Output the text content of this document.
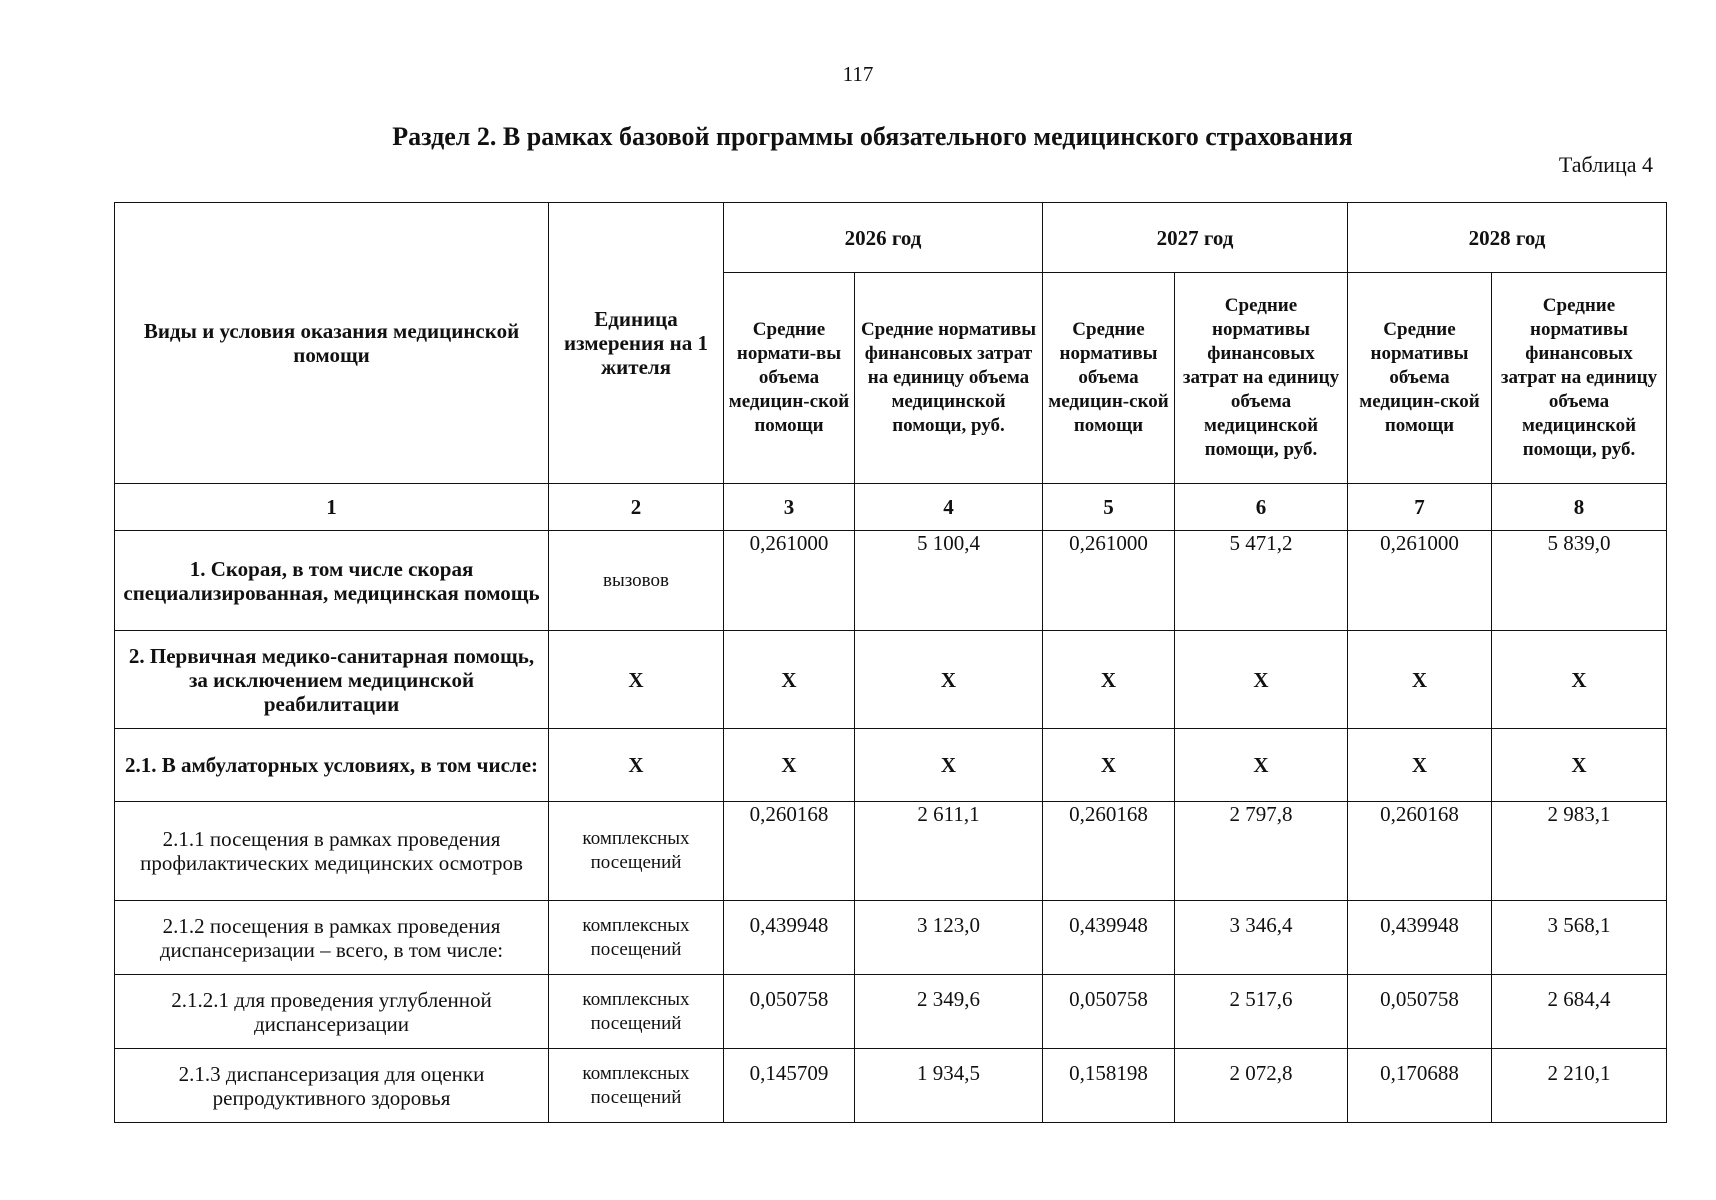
117
Раздел 2. В рамках базовой программы обязательного медицинского страхования
Таблица 4
Виды и условия оказания медицинской помощи	Единица измерения на 1 жителя	2026 год		2027 год		2028 год	
		Средние нормати-вы объема медицин-ской помощи	Средние нормативы финансовых затрат на единицу объема медицинской помощи, руб.	Средние нормативы объема медицин-ской помощи	Средние нормативы финансовых затрат на единицу объема медицинской помощи, руб.	Средние нормативы объема медицин-ской помощи	Средние нормативы финансовых затрат на единицу объема медицинской помощи, руб.
1	2	3	4	5	6	7	8
1. Скорая, в том числе скорая специализированная, медицинская помощь	вызовов	0,261000	5 100,4	0,261000	5 471,2	0,261000	5 839,0
2. Первичная медико-санитарная помощь, за исключением медицинской реабилитации	Х	Х	Х	Х	Х	Х	Х
2.1. В амбулаторных условиях, в том числе:	Х	Х	Х	Х	Х	Х	Х
2.1.1 посещения в рамках проведения профилактических медицинских осмотров	комплексных посещений	0,260168	2 611,1	0,260168	2 797,8	0,260168	2 983,1
2.1.2 посещения в рамках проведения диспансеризации – всего, в том числе:	комплексных посещений	0,439948	3 123,0	0,439948	3 346,4	0,439948	3 568,1
2.1.2.1 для проведения углубленной диспансеризации	комплексных посещений	0,050758	2 349,6	0,050758	2 517,6	0,050758	2 684,4
2.1.3 диспансеризация для оценки репродуктивного здоровья	комплексных посещений	0,145709	1 934,5	0,158198	2 072,8	0,170688	2 210,1
